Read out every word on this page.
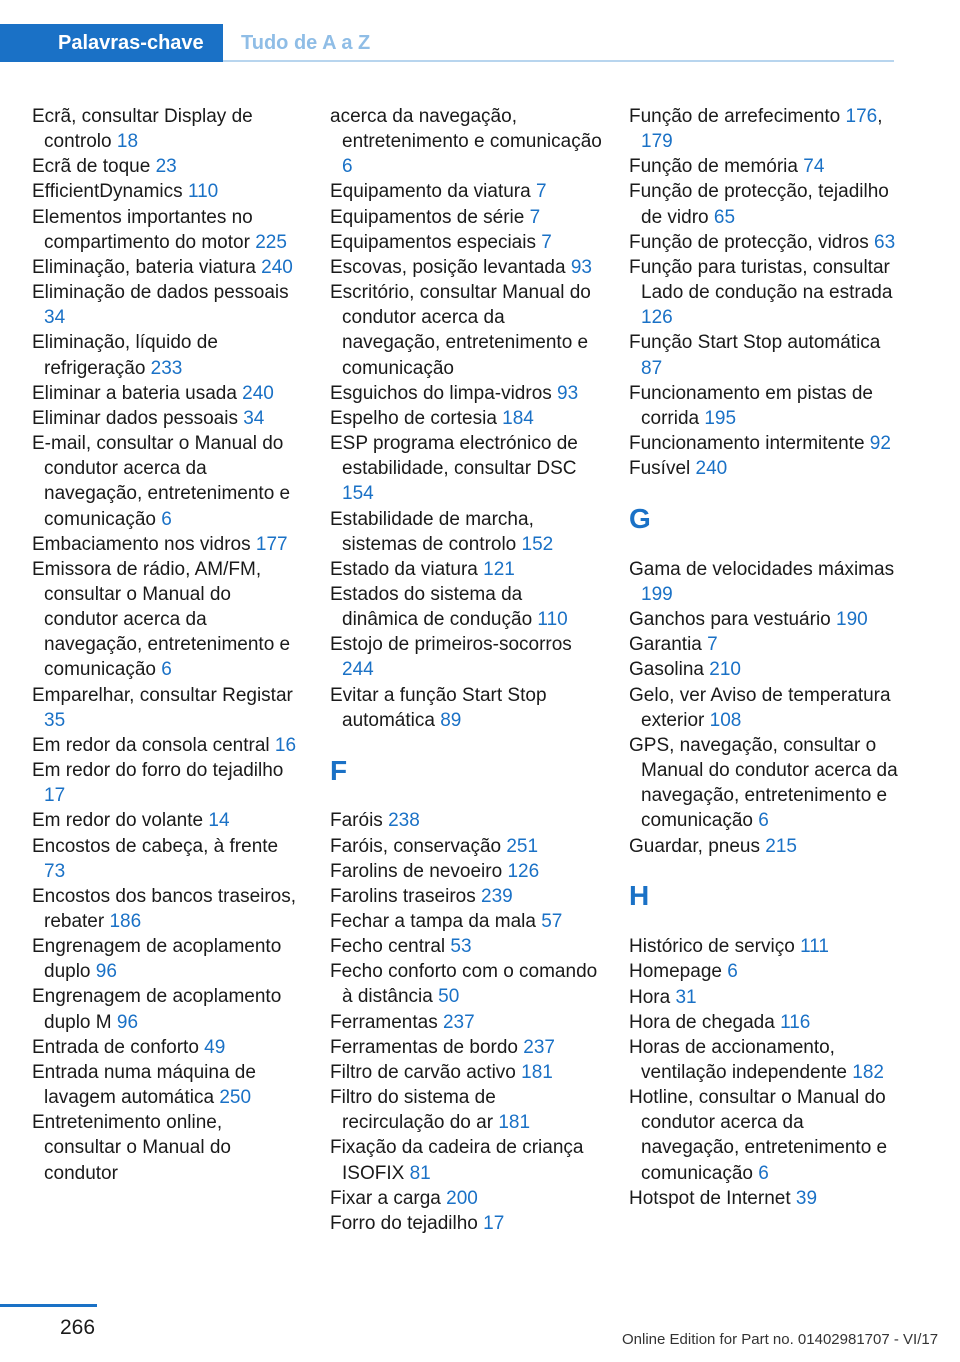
Palavras-chave	Tudo de A a Z
Ecrã, consultar Display de controlo 18
Ecrã de toque 23
EfficientDynamics 110
Elementos importantes no compartimento do motor 225
Eliminação, bateria viatura 240
Eliminação de dados pessoais 34
Eliminação, líquido de refrigeração 233
Eliminar a bateria usada 240
Eliminar dados pessoais 34
E-mail, consultar o Manual do condutor acerca da navegação, entretenimento e comunicação 6
Embaciamento nos vidros 177
Emissora de rádio, AM/FM, consultar o Manual do condutor acerca da navegação, entretenimento e comunicação 6
Emparelhar, consultar Registar 35
Em redor da consola central 16
Em redor do forro do tejadilho 17
Em redor do volante 14
Encostos de cabeça, à frente 73
Encostos dos bancos traseiros, rebater 186
Engrenagem de acoplamento duplo 96
Engrenagem de acoplamento duplo M 96
Entrada de conforto 49
Entrada numa máquina de lavagem automática 250
Entretenimento online, consultar o Manual do condutor
acerca da navegação, entretenimento e comunicação 6
Equipamento da viatura 7
Equipamentos de série 7
Equipamentos especiais 7
Escovas, posição levantada 93
Escritório, consultar Manual do condutor acerca da navegação, entretenimento e comunicação
Esguichos do limpa-vidros 93
Espelho de cortesia 184
ESP programa electrónico de estabilidade, consultar DSC 154
Estabilidade de marcha, sistemas de controlo 152
Estado da viatura 121
Estados do sistema da dinâmica de condução 110
Estojo de primeiros-socorros 244
Evitar a função Start Stop automática 89
F
Faróis 238
Faróis, conservação 251
Farolins de nevoeiro 126
Farolins traseiros 239
Fechar a tampa da mala 57
Fecho central 53
Fecho conforto com o comando à distância 50
Ferramentas 237
Ferramentas de bordo 237
Filtro de carvão activo 181
Filtro do sistema de recirculação do ar 181
Fixação da cadeira de criança ISOFIX 81
Fixar a carga 200
Forro do tejadilho 17
Função de arrefecimento 176, 179
Função de memória 74
Função de protecção, tejadilho de vidro 65
Função de protecção, vidros 63
Função para turistas, consultar Lado de condução na estrada 126
Função Start Stop automática 87
Funcionamento em pistas de corrida 195
Funcionamento intermitente 92
Fusível 240
G
Gama de velocidades máximas 199
Ganchos para vestuário 190
Garantia 7
Gasolina 210
Gelo, ver Aviso de temperatura exterior 108
GPS, navegação, consultar o Manual do condutor acerca da navegação, entretenimento e comunicação 6
Guardar, pneus 215
H
Histórico de serviço 111
Homepage 6
Hora 31
Hora de chegada 116
Horas de accionamento, ventilação independente 182
Hotline, consultar o Manual do condutor acerca da navegação, entretenimento e comunicação 6
Hotspot de Internet 39
266
Online Edition for Part no. 01402981707 - VI/17
